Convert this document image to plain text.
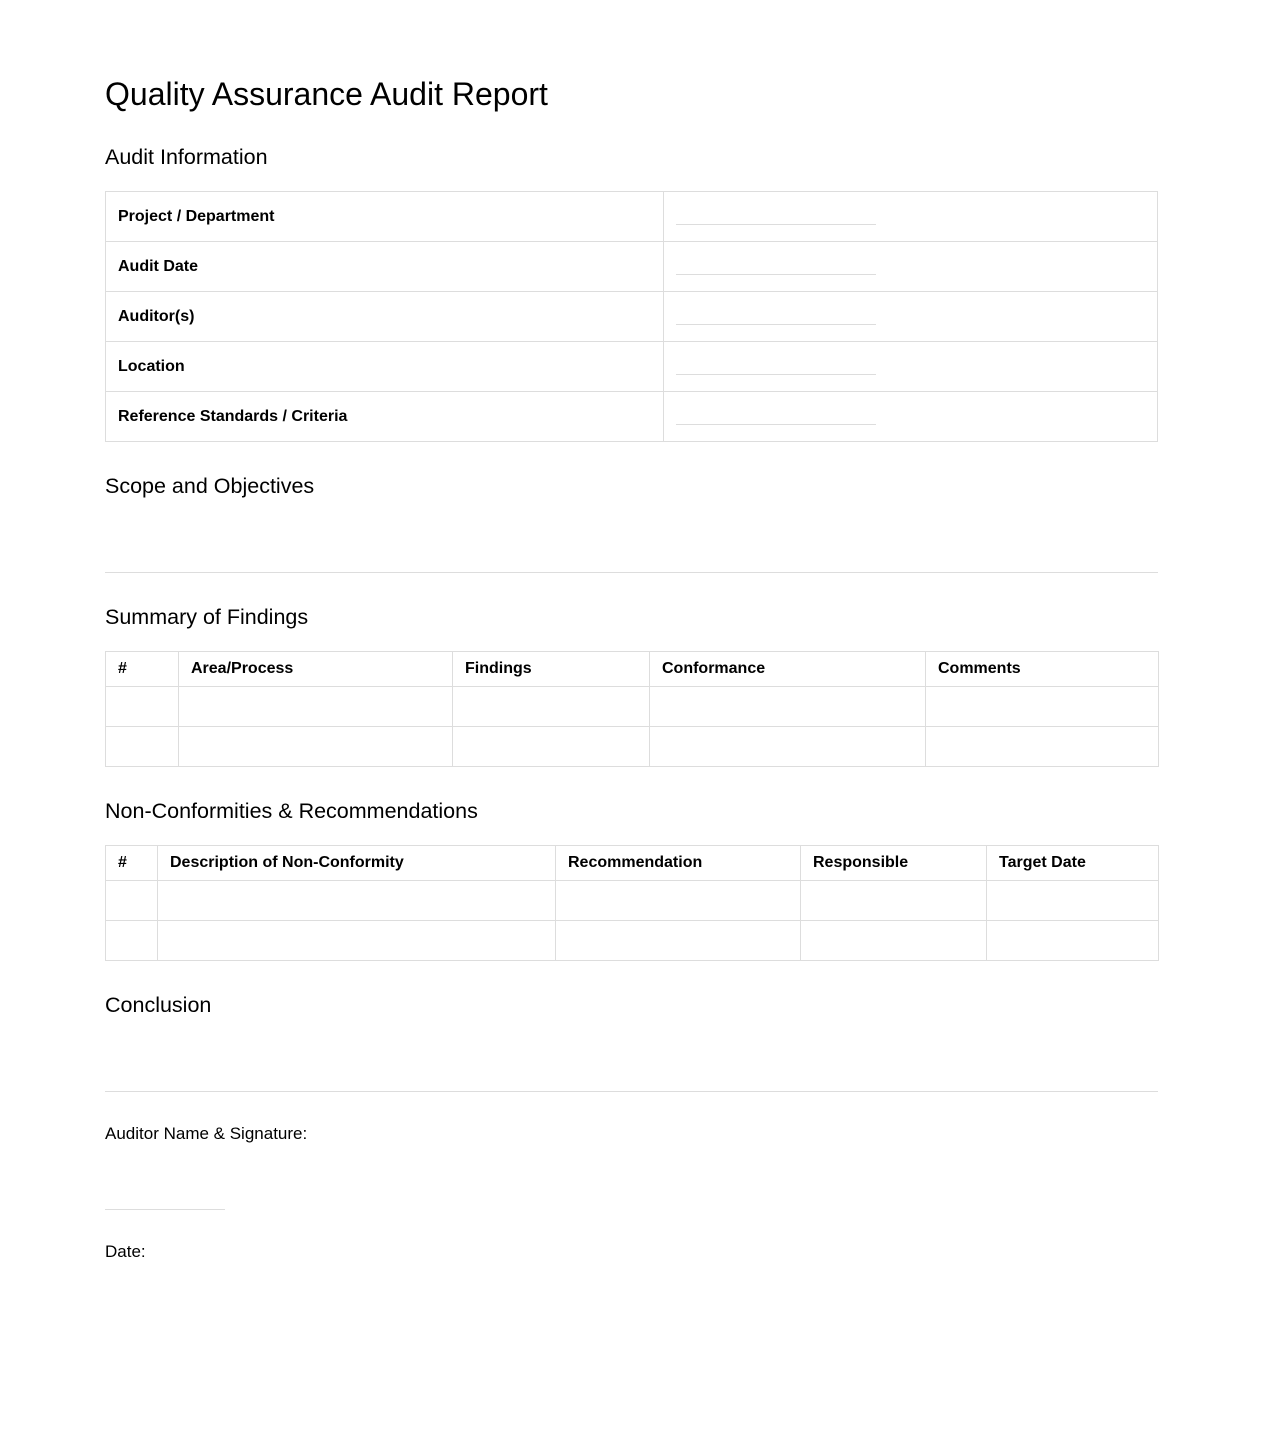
Quality Assurance Audit Report
Audit Information
Project / Department	

Audit Date	

Auditor(s)	

Location	

Reference Standards / Criteria	
Scope and Objectives
Summary of Findings
#	Area/Process	Findings	Conformance	Comments

Non-Conformities & Recommendations
#	Description of Non-Conformity	Recommendation	Responsible	Target Date

Conclusion
Auditor Name & Signature:
Date:
